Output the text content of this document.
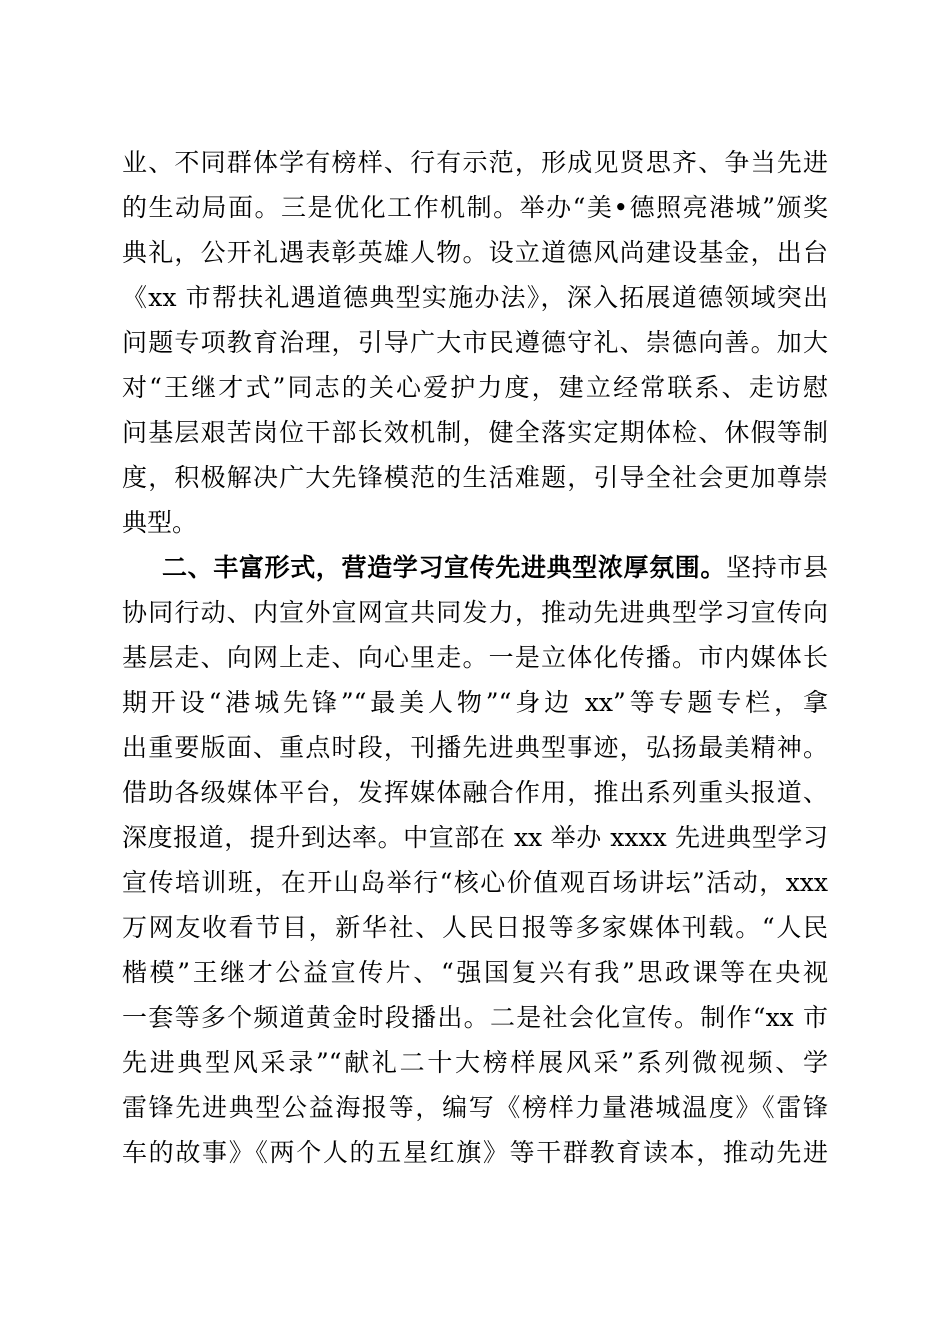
业、不同群体学有榜样、行有示范，形成见贤思齐、争当先进
的生动局面。三是优化工作机制。举办“美•德照亮港城”颁奖
典礼，公开礼遇表彰英雄人物。设立道德风尚建设基金，出台
《xx 市帮扶礼遇道德典型实施办法》，深入拓展道德领域突出
问题专项教育治理，引导广大市民遵德守礼、崇德向善。加大
对“王继才式”同志的关心爱护力度，建立经常联系、走访慰
问基层艰苦岗位干部长效机制，健全落实定期体检、休假等制
度，积极解决广大先锋模范的生活难题，引导全社会更加尊崇
典型。
二、丰富形式，营造学习宣传先进典型浓厚氛围。坚持市县
协同行动、内宣外宣网宣共同发力，推动先进典型学习宣传向
基层走、向网上走、向心里走。一是立体化传播。市内媒体长
期开设“港城先锋”“最美人物”“身边 xx”等专题专栏，拿
出重要版面、重点时段，刊播先进典型事迹，弘扬最美精神。
借助各级媒体平台，发挥媒体融合作用，推出系列重头报道、
深度报道，提升到达率。中宣部在 xx 举办 xxxx 先进典型学习
宣传培训班，在开山岛举行“核心价值观百场讲坛”活动，xxx
万网友收看节目，新华社、人民日报等多家媒体刊载。“人民
楷模”王继才公益宣传片、“强国复兴有我”思政课等在央视
一套等多个频道黄金时段播出。二是社会化宣传。制作“xx 市
先进典型风采录”“献礼二十大榜样展风采”系列微视频、学
雷锋先进典型公益海报等，编写《榜样力量港城温度》《雷锋
车的故事》《两个人的五星红旗》等干群教育读本，推动先进
